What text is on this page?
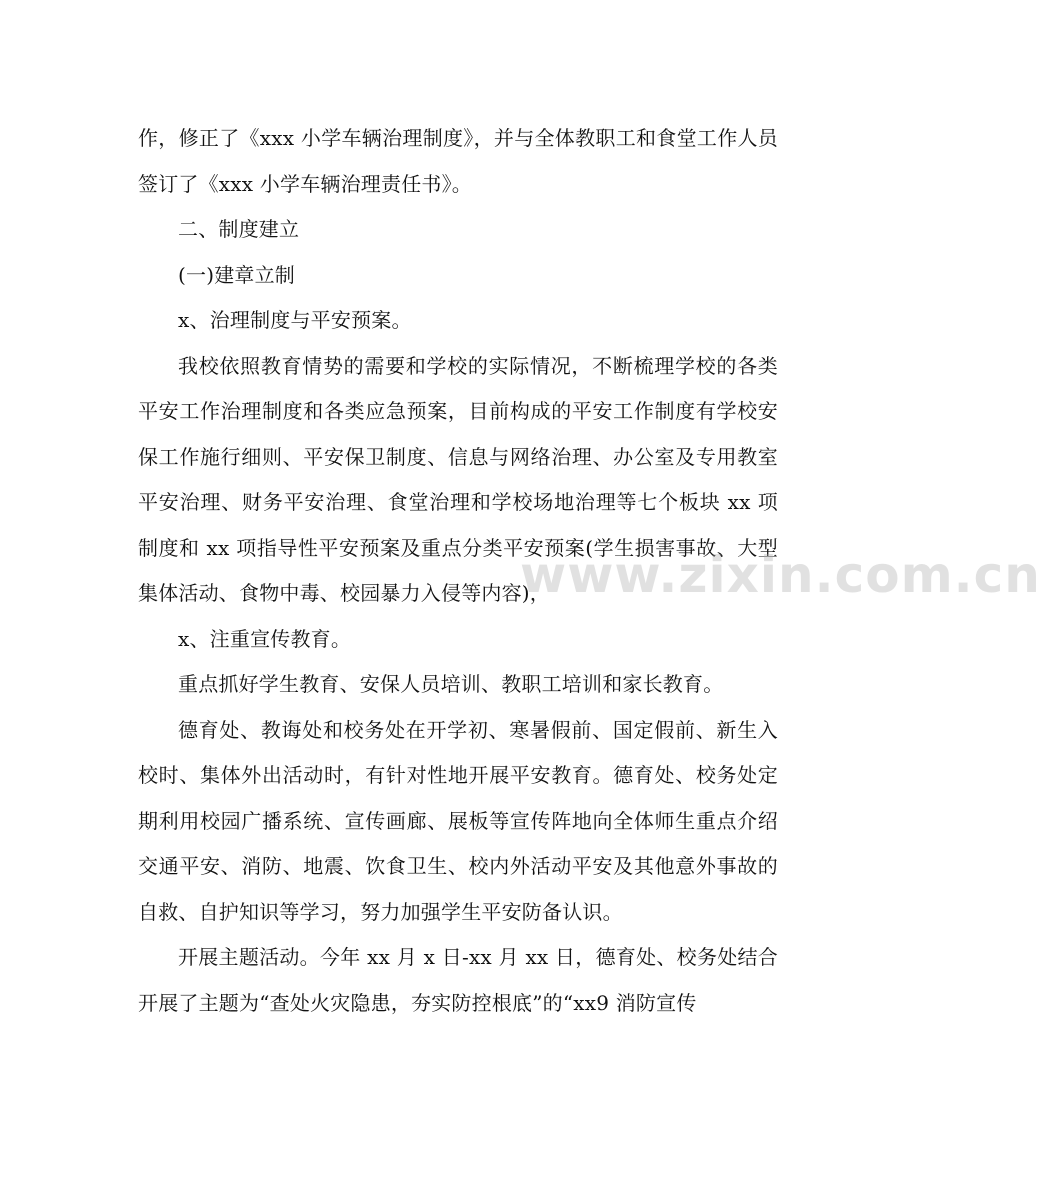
作，修正了《xxx 小学车辆治理制度》，并与全体教职工和食堂工作人员签订了《xxx 小学车辆治理责任书》。

二、制度建立

(一)建章立制

x、治理制度与平安预案。

我校依照教育情势的需要和学校的实际情况，不断梳理学校的各类平安工作治理制度和各类应急预案，目前构成的平安工作制度有学校安保工作施行细则、平安保卫制度、信息与网络治理、办公室及专用教室平安治理、财务平安治理、食堂治理和学校场地治理等七个板块 xx 项制度和 xx 项指导性平安预案及重点分类平安预案(学生损害事故、大型集体活动、食物中毒、校园暴力入侵等内容)，

x、注重宣传教育。

重点抓好学生教育、安保人员培训、教职工培训和家长教育。

德育处、教诲处和校务处在开学初、寒暑假前、国定假前、新生入校时、集体外出活动时，有针对性地开展平安教育。德育处、校务处定期利用校园广播系统、宣传画廊、展板等宣传阵地向全体师生重点介绍交通平安、消防、地震、饮食卫生、校内外活动平安及其他意外事故的自救、自护知识等学习，努力加强学生平安防备认识。

开展主题活动。今年 xx 月 x 日-xx 月 xx 日，德育处、校务处结合开展了主题为“查处火灾隐患，夯实防控根底”的“xx9 消防宣传

www.zixin.com.cn
